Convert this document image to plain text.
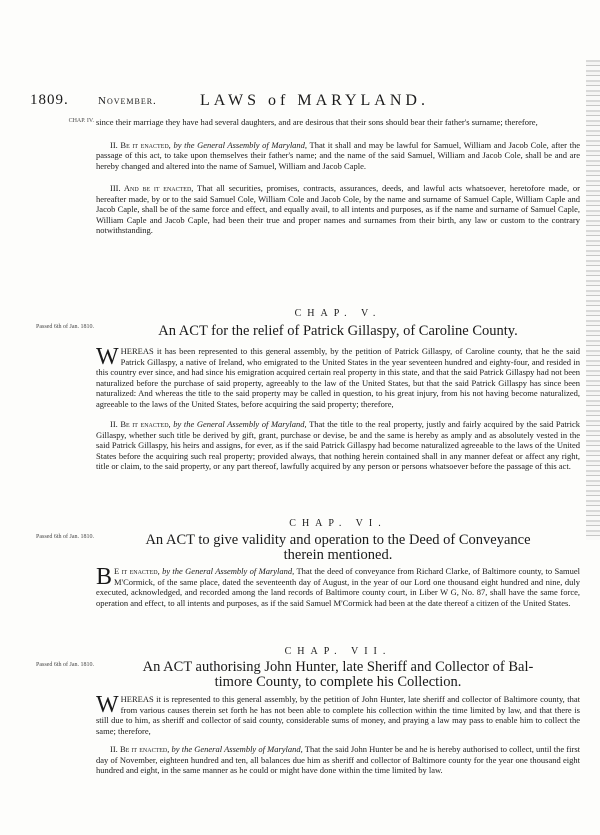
1809.	November.	LAWS of MARYLAND.
CHAP. IV. since their marriage they have had several daughters, and are desirous that their sons should bear their father's surname; therefore,

II. Be it enacted, by the General Assembly of Maryland, That it shall and may be lawful for Samuel, William and Jacob Cole, after the passage of this act, to take upon themselves their father's name; and the name of the said Samuel, William and Jacob Cole, shall be and are hereby changed and altered into the name of Samuel, William and Jacob Caple.

III. And be it enacted, That all securities, promises, contracts, assurances, deeds, and lawful acts whatsoever, heretofore made, or hereafter made, by or to the said Samuel Cole, William Cole and Jacob Cole, by the name and surname of Samuel Caple, William Caple and Jacob Caple, shall be of the same force and effect, and equally avail, to all intents and purposes, as if the name and surname of Samuel Caple, William Caple and Jacob Caple, had been their true and proper names and surnames from their birth, any law or custom to the contrary notwithstanding.

CHAP. V.
Passed 6th of Jan. 1810.	An ACT for the relief of Patrick Gillaspy, of Caroline County.

W HEREAS it has been represented to this general assembly, by the petition of Patrick Gillaspy, of Caroline county, that he the said Patrick Gillaspy, a native of Ireland, who emigrated to the United States in the year seventeen hundred and eighty-four, and resided in this country ever since, and had since his emigration acquired certain real property in this state, and that the said Patrick Gillaspy had not been naturalized before the purchase of said property, agreeably to the law of the United States, but that the said Patrick Gillaspy has since been naturalized: And whereas the title to the said property may be called in question, to his great injury, from his not having become naturalized, agreeable to the laws of the United States, before acquiring the said property; therefore,

II. Be it enacted, by the General Assembly of Maryland, That the title to the real property, justly and fairly acquired by the said Patrick Gillaspy, whether such title be derived by gift, grant, purchase or devise, be and the same is hereby as amply and as absolutely vested in the said Patrick Gillaspy, his heirs and assigns, for ever, as if the said Patrick Gillaspy had become naturalized agreeable to the laws of the United States before the acquiring such real property; provided always, that nothing herein contained shall in any manner defeat or affect any right, title or claim, to the said property, or any part thereof, lawfully acquired by any person or persons whatsoever before the passage of this act.

CHAP. VI.
Passed 6th of Jan. 1810.	An ACT to give validity and operation to the Deed of Conveyance
therein mentioned.

B E it enacted, by the General Assembly of Maryland, That the deed of conveyance from Richard Clarke, of Baltimore county, to Samuel M'Cormick, of the same place, dated the seventeenth day of August, in the year of our Lord one thousand eight hundred and nine, duly executed, acknowledged, and recorded among the land records of Baltimore county court, in Liber W G, No. 87, shall have the same force, operation and effect, to all intents and purposes, as if the said Samuel M'Cormick had been at the date thereof a citizen of the United States.

CHAP. VII.
Passed 6th of Jan. 1810.	An ACT authorising John Hunter, late Sheriff and Collector of Bal-
timore County, to complete his Collection.

W HEREAS it is represented to this general assembly, by the petition of John Hunter, late sheriff and collector of Baltimore county, that from various causes therein set forth he has not been able to complete his collection within the time limited by law, and that there is still due to him, as sheriff and collector of said county, considerable sums of money, and praying a law may pass to enable him to collect the same; therefore,

II. Be it enacted, by the General Assembly of Maryland, That the said John Hunter be and he is hereby authorised to collect, until the first day of November, eighteen hundred and ten, all balances due him as sheriff and collector of Baltimore county for the year one thousand eight hundred and eight, in the same manner as he could or might have done within the time limited by law.
